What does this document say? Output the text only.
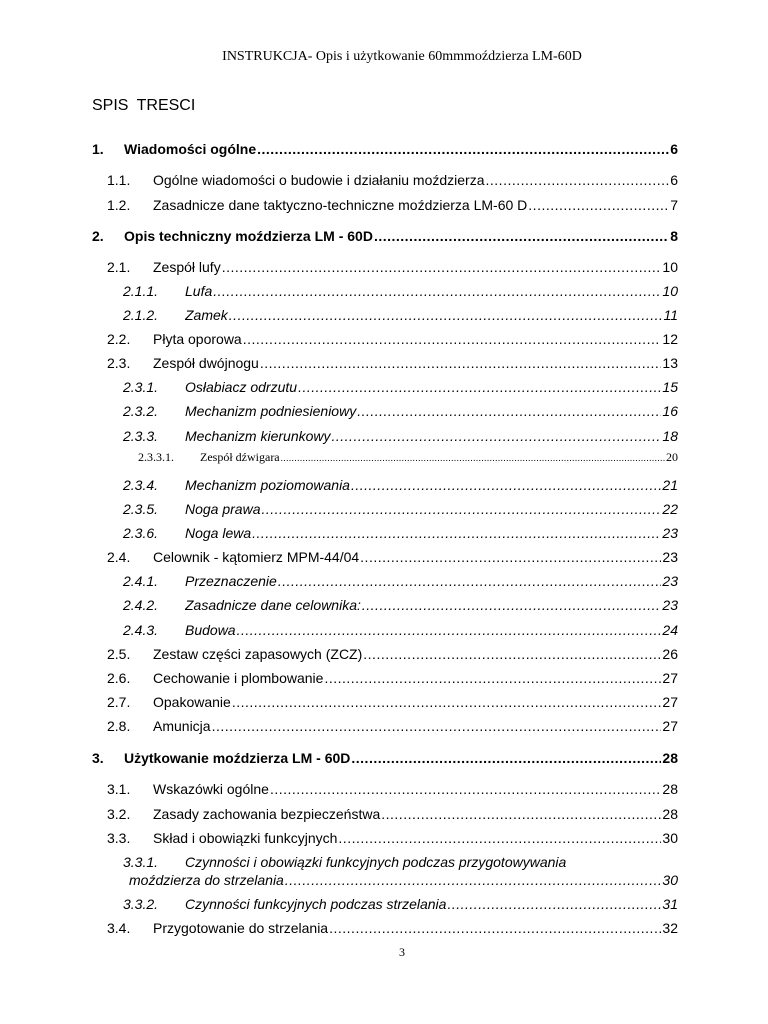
INSTRUKCJA- Opis i użytkowanie 60mmmoździerza LM-60D
SPIS TRESCI
1. Wiadomości ogólne .....	6
1.1. Ogólne wiadomości o budowie i działaniu moździerza .....	6
1.2. Zasadnicze dane taktyczno-techniczne moździerza LM-60 D .....	7
2. Opis techniczny moździerza LM - 60D .....	8
2.1. Zespół lufy .....	10
2.1.1. Lufa .....	10
2.1.2. Zamek .....	11
2.2. Płyta oporowa .....	12
2.3. Zespół dwójnogu .....	13
2.3.1. Osłabiacz odrzutu .....	15
2.3.2. Mechanizm podniesieniowy .....	16
2.3.3. Mechanizm kierunkowy .....	18
2.3.3.1. Zespół dźwigara .....	20
2.3.4. Mechanizm poziomowania .....	21
2.3.5. Noga prawa .....	22
2.3.6. Noga lewa .....	23
2.4. Celownik - kątomierz MPM-44/04 .....	23
2.4.1. Przeznaczenie .....	23
2.4.2. Zasadnicze dane celownika: .....	23
2.4.3. Budowa .....	24
2.5. Zestaw części zapasowych (ZCZ) .....	26
2.6. Cechowanie i plombowanie .....	27
2.7. Opakowanie .....	27
2.8. Amunicja .....	27
3. Użytkowanie moździerza LM - 60D .....	28
3.1. Wskazówki ogólne .....	28
3.2. Zasady zachowania bezpieczeństwa .....	28
3.3. Skład i obowiązki funkcyjnych .....	30
3.3.1. Czynności i obowiązki funkcyjnych podczas przygotowywania
moździerza do strzelania .....	30
3.3.2. Czynności funkcyjnych podczas strzelania .....	31
3.4. Przygotowanie do strzelania .....	32
3
